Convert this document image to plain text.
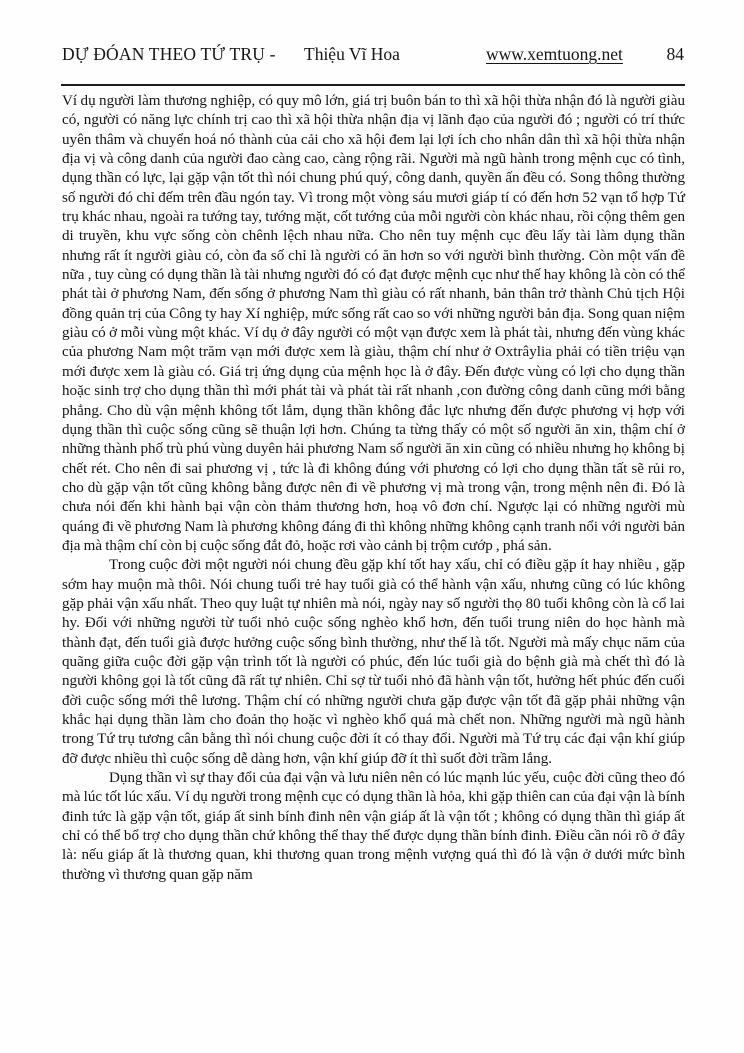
DỰ ĐÓAN THEO TỨ TRỤ - Thiệu Vĩ Hoa	www.xemtuong.net 84

Ví dụ người làm thương nghiệp, có quy mô lớn, giá trị buôn bán to thì xã hội thừa nhận đó là người giàu có, người có năng lực chính trị cao thì xã hội thừa nhận địa vị lãnh đạo của người đó ; người có trí thức uyên thâm và chuyển hoá nó thành của cải cho xã hội đem lại lợi ích cho nhân dân thì xã hội thừa nhận địa vị và công danh của người đao càng cao, càng rộng rãi. Người mà ngũ hành trong mệnh cục có tình, dụng thần có lực, lại gặp vận tốt thì nói chung phú quý, công danh, quyền ấn đều có. Song thông thường số người đó chỉ đếm trên đầu ngón tay. Vì trong một vòng sáu mươi giáp tí có đến hơn 52 vạn tổ hợp Tứ trụ khác nhau, ngoài ra tướng tay, tướng mặt, cốt tướng của mỗi người còn khác nhau, rồi cộng thêm gen di truyền, khu vực sống còn chênh lệch nhau nữa. Cho nên tuy mệnh cục đều lấy tài làm dụng thần nhưng rất ít người giàu có, còn đa số chỉ là người có ăn hơn so với người bình thường. Còn một vấn đề nữa , tuy cùng có dụng thần là tài nhưng người đó có đạt được mệnh cục như thế hay không là còn có thể phát tài ở phương Nam, đến sống ở phương Nam thì giàu có rất nhanh, bản thân trở thành Chủ tịch Hội đồng quản trị của Công ty hay Xí nghiệp, mức sống rất cao so với những người bản địa. Song quan niệm giàu có ở mỗi vùng một khác. Ví dụ ở đây người có một vạn được xem là phát tài, nhưng đến vùng khác của phương Nam một trăm vạn mới được xem là giàu, thậm chí như ở Oxtrâylia phải có tiền triệu vạn mới được xem là giàu có. Giá trị ứng dụng của mệnh học là ở đây. Đến được vùng có lợi cho dụng thần hoặc sinh trợ cho dụng thần thì mới phát tài và phát tài rất nhanh ,con đường công danh cũng mới bằng phẳng. Cho dù vận mệnh không tốt lắm, dụng thần không đắc lực nhưng đến được phương vị hợp với dụng thần thì cuộc sống cũng sẽ thuận lợi hơn. Chúng ta từng thấy có một số người ăn xin, thậm chí ở những thành phố trù phú vùng duyên hải phương Nam số người ăn xin cũng có nhiều nhưng họ không bị chết rét. Cho nên đi sai phương vị , tức là đi không đúng với phương có lợi cho dụng thần tất sẽ rủi ro, cho dù gặp vận tốt cũng không bằng được nên đi về phương vị mà trong vận, trong mệnh nên đi. Đó là chưa nói đến khi hành bại vận còn thảm thương hơn, hoạ vô đơn chí. Ngược lại có những người mù quáng đi về phương Nam là phương không đáng đi thì không những không cạnh tranh nổi với người bản địa mà thậm chí còn bị cuộc sống đắt đỏ, hoặc rơi vào cảnh bị trộm cướp , phá sản.

Trong cuộc đời một người nói chung đều gặp khí tốt hay xấu, chỉ có điều gặp ít hay nhiều , gặp sớm hay muộn mà thôi. Nói chung tuổi trẻ hay tuổi già có thể hành vận xấu, nhưng cũng có lúc không gặp phải vận xấu nhất. Theo quy luật tự nhiên mà nói, ngày nay số người thọ 80 tuổi không còn là cổ lai hy. Đối với những người từ tuổi nhỏ cuộc sống nghèo khổ hơn, đến tuổi trung niên do học hành mà thành đạt, đến tuổi già được hưởng cuộc sống bình thường, như thế là tốt. Người mà mấy chục năm của quãng giữa cuộc đời gặp vận trình tốt là người có phúc, đến lúc tuổi già do bệnh già mà chết thì đó là người không gọi là tốt cũng đã rất tự nhiên. Chỉ sợ từ tuổi nhỏ đã hành vận tốt, hưởng hết phúc đến cuối đời cuộc sống mới thê lương. Thậm chí có những người chưa gặp được vận tốt đã gặp phải những vận khắc hại dụng thần làm cho đoản thọ hoặc vì nghèo khổ quá mà chết non. Những người mà ngũ hành trong Tứ trụ tương cân bằng thì nói chung cuộc đời ít có thay đổi. Người mà Tứ trụ các đại vận khí giúp đỡ được nhiều thì cuộc sống dễ dàng hơn, vận khí giúp đỡ ít thì suốt đời trầm lắng.

Dụng thần vì sự thay đổi của đại vận và lưu niên nên có lúc mạnh lúc yếu, cuộc đời cũng theo đó mà lúc tốt lúc xấu. Ví dụ người trong mệnh cục có dụng thần là hỏa, khi gặp thiên can của đại vận là bính đinh tức là gặp vận tốt, giáp ất sinh bính đinh nên vận giáp ất là vận tốt ; không có dụng thần thì giáp ất chỉ có thể bổ trợ cho dụng thần chứ không thể thay thế được dụng thần bính đinh. Điều cần nói rõ ở đây là: nếu giáp ất là thương quan, khi thương quan trong mệnh vượng quá thì đó là vận ở dưới mức bình thường vì thương quan gặp năm
